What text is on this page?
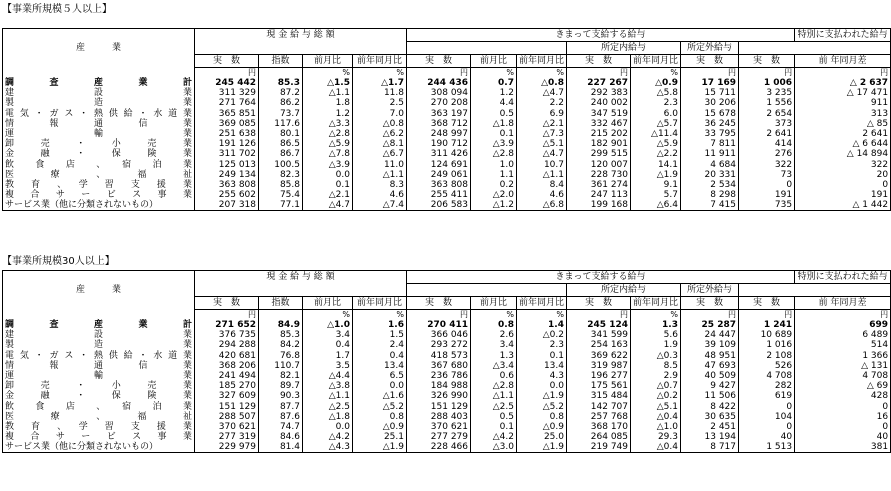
【事業所規模５人以上】
産　　　業	現 金 給 与 総 額				きまって支給する給与							特別に支払われた給与
								所定内給与		所定外給与		
	実　数	指数	前月比	前年同月比	実　数	前月比	前年同月比	実　数	前年同月比	実　数	実　数	前 年同月差
	円		%	%	円	%	%	円	%	円	円	円
調　査　産　業　計	245 442	85.3	△1.5	△1.7	244 436	0.7	△0.8	227 267	△0.9	17 169	1 006	△ 2 637
建　　　設　　　業	311 329	87.2	△1.1	11.8	308 094	1.2	△4.7	292 383	△5.8	15 711	3 235	△ 17 471
製　　　造　　　業	271 764	86.2	1.8	2.5	270 208	4.4	2.2	240 002	2.3	30 206	1 556	911
電気・ガス・熱供給・水道業	365 851	73.7	1.2	7.0	363 197	0.5	6.9	347 519	6.0	15 678	2 654	313
情　報　通　信　業	369 085	117.6	△3.3	△0.8	368 712	△1.8	△2.1	332 467	△5.7	36 245	373	△ 85
運　　　輸　　　業	251 638	80.1	△2.8	△6.2	248 997	0.1	△7.3	215 202	△11.4	33 795	2 641	2 641
卸　売　・　小　売　業	191 126	86.5	△5.9	△8.1	190 712	△3.9	△5.1	182 901	△5.9	7 811	414	△ 6 644
金　融　・　保　険　業	311 702	86.7	△7.8	△6.7	311 426	△2.8	△4.7	299 515	△2.2	11 911	276	△ 14 894
飲　食　店　、　宿　泊　業	125 013	100.5	△3.9	11.0	124 691	1.0	10.7	120 007	14.1	4 684	322	322
医　療　、　福　祉	249 134	82.3	0.0	△1.1	249 061	1.1	△1.1	228 730	△1.9	20 331	73	20
教　育　、　学　習　支　援　業	363 808	85.8	0.1	8.3	363 808	0.2	8.4	361 274	9.1	2 534	0	0
複　合　サ　ー　ビ　ス　事　業	255 602	75.4	△2.1	4.6	255 411	△2.0	4.6	247 113	5.7	8 298	191	191
サービス業（他に分類されないもの）	207 318	77.1	△4.7	△7.4	206 583	△1.2	△6.8	199 168	△6.4	7 415	735	△ 1 442
【事業所規模30人以上】
産　　　業	現 金 給 与 総 額				きまって支給する給与							特別に支払われた給与
								所定内給与		所定外給与		
	実　数	指数	前月比	前年同月比	実　数	前月比	前年同月比	実　数	前年同月比	実　数	実　数	前 年同月差
	円		%	%	円	%	%	円	%	円	円	円
調　査　産　業　計	271 652	84.9	△1.0	1.6	270 411	0.8	1.4	245 124	1.3	25 287	1 241	699
建　　　設　　　業	376 735	85.3	3.4	1.5	366 046	2.6	△0.2	341 599	5.6	24 447	10 689	6 489
製　　　造　　　業	294 288	84.2	0.4	2.4	293 272	3.4	2.3	254 163	1.9	39 109	1 016	514
電気・ガス・熱供給・水道業	420 681	76.8	1.7	0.4	418 573	1.3	0.1	369 622	△0.3	48 951	2 108	1 366
情　報　通　信　業	368 206	110.7	3.5	13.4	367 680	△3.4	13.4	319 987	8.5	47 693	526	△ 131
運　　　輸　　　業	241 494	82.1	△4.4	6.5	236 786	0.6	4.3	196 277	2.9	40 509	4 708	4 708
卸　売　・　小　売　業	185 270	89.7	△3.8	0.0	184 988	△2.8	0.0	175 561	△0.7	9 427	282	△ 69
金　融　・　保　険　業	327 609	90.3	△1.1	△1.6	326 990	△1.1	△1.9	315 484	△0.2	11 506	619	428
飲　食　店　、　宿　泊　業	151 129	87.7	△2.5	△5.2	151 129	△2.5	△5.2	142 707	△5.1	8 422	0	0
医　療　、　福　祉	288 507	87.6	△1.8	0.8	288 403	0.5	0.8	257 768	△0.4	30 635	104	16
教　育　、　学　習　支　援　業	370 621	74.7	0.0	△0.9	370 621	0.1	△0.9	368 170	△1.0	2 451	0	0
複　合　サ　ー　ビ　ス　事　業	277 319	84.6	△4.2	25.1	277 279	△4.2	25.0	264 085	29.3	13 194	40	40
サービス業（他に分類されないもの）	229 979	81.4	△4.3	△1.9	228 466	△3.0	△1.9	219 749	△0.4	8 717	1 513	381
